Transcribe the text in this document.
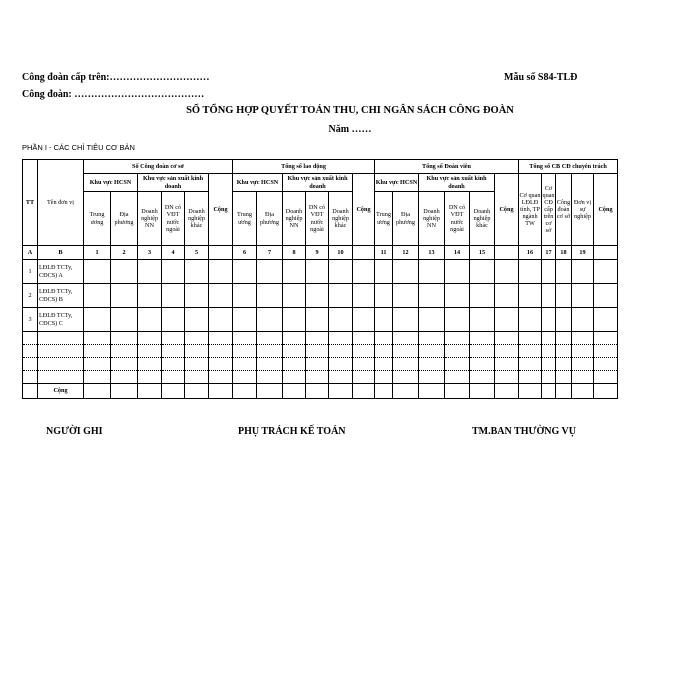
Công đoàn cấp trên:…………………………
Công đoàn: …………………………………
Mẫu số S84-TLĐ
SỔ TỔNG HỢP QUYẾT TOÁN THU, CHI NGÂN SÁCH CÔNG ĐOÀN
Năm ……
PHẦN I - CÁC CHỈ TIÊU CƠ BẢN
TT	Tên đơn vị	Số Công đoàn cơ sở						Tổng số lao động						Tổng số Đoàn viên						Tổng số CB CĐ chuyên trách				
		Khu vực HCSN		Khu vực sản xuất kinh doanh			Cộng	Khu vực HCSN		Khu vực sản xuất kinh doanh			Cộng	Khu vực HCSN		Khu vực sản xuất kinh doanh			Cộng	Cơ quan LĐLĐ tỉnh, TP ngành TW	Cơ quan CĐ cấp trên cơ sở	Công đoàn cơ sở	Đơn vị sự nghiệp	Cộng
		Trung ương	Địa phương	Doanh nghiệp NN	DN có VĐT nước ngoài	Doanh nghiệp khác		Trung ương	Địa phương	Doanh nghiệp NN	DN có VĐT nước ngoài	Doanh nghiệp khác		Trung ương	Địa phương	Doanh nghiệp NN	DN có VĐT nước ngoài	Doanh nghiệp khác						
A	B	1	2	3	4	5		6	7	8	9	10		11	12	13	14	15		16	17	18	19	
1	LĐLĐ TCTy, CĐCS) A																							
2	LĐLĐ TCTy, CĐCS) B																							
3	LĐLĐ TCTy, CĐCS) C																							

	Cộng																							
NGƯỜI GHI	PHỤ TRÁCH KẾ TOÁN	TM.BAN THƯỜNG VỤ
